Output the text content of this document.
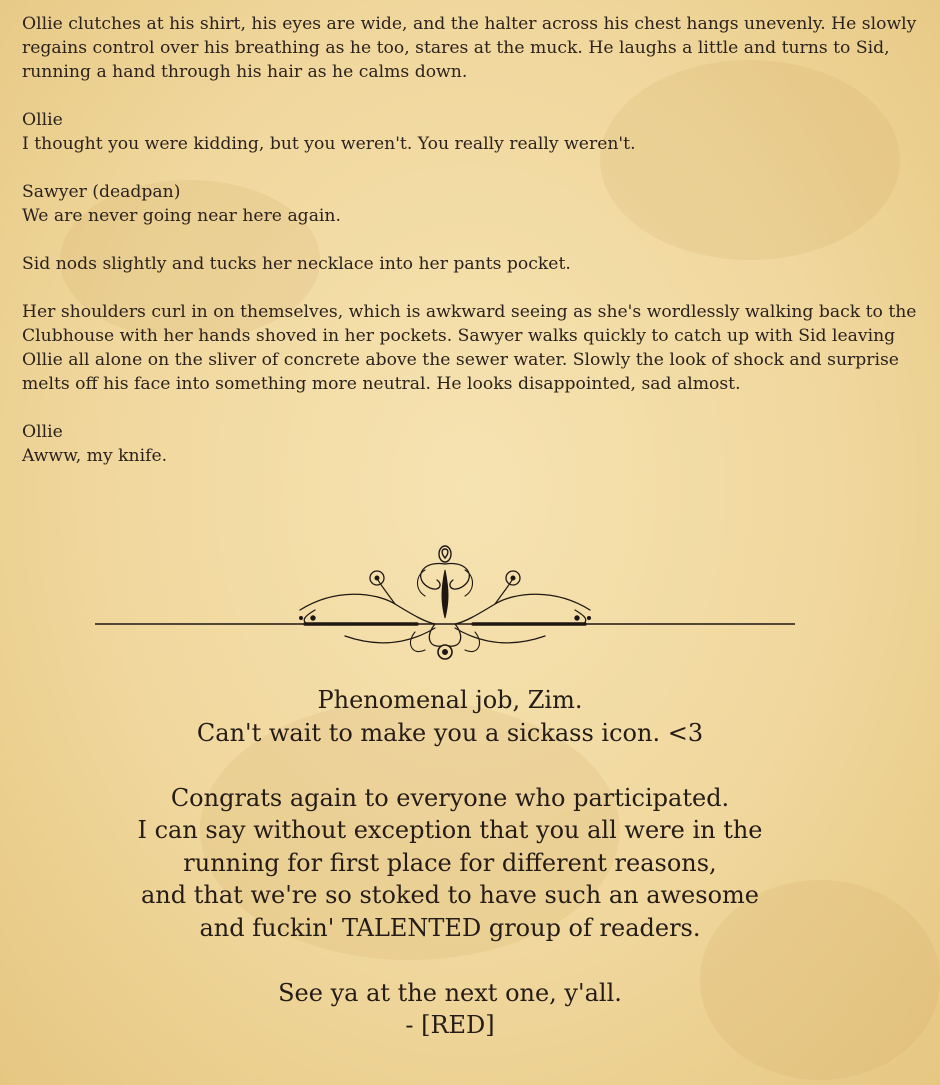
Ollie clutches at his shirt, his eyes are wide, and the halter across his chest hangs unevenly. He slowly regains control over his breathing as he too, stares at the muck. He laughs a little and turns to Sid, running a hand through his hair as he calms down.

Ollie
I thought you were kidding, but you weren't. You really really weren't.

Sawyer (deadpan)
We are never going near here again.

Sid nods slightly and tucks her necklace into her pants pocket.

Her shoulders curl in on themselves, which is awkward seeing as she's wordlessly walking back to the Clubhouse with her hands shoved in her pockets. Sawyer walks quickly to catch up with Sid leaving Ollie all alone on the sliver of concrete above the sewer water. Slowly the look of shock and surprise melts off his face into something more neutral. He looks disappointed, sad almost.

Ollie
Awww, my knife.

Phenomenal job, Zim.
Can't wait to make you a sickass icon. <3
Congrats again to everyone who participated.
I can say without exception that you all were in the
running for first place for different reasons,
and that we're so stoked to have such an awesome
and fuckin' TALENTED group of readers.
See ya at the next one, y'all.
- [RED]
